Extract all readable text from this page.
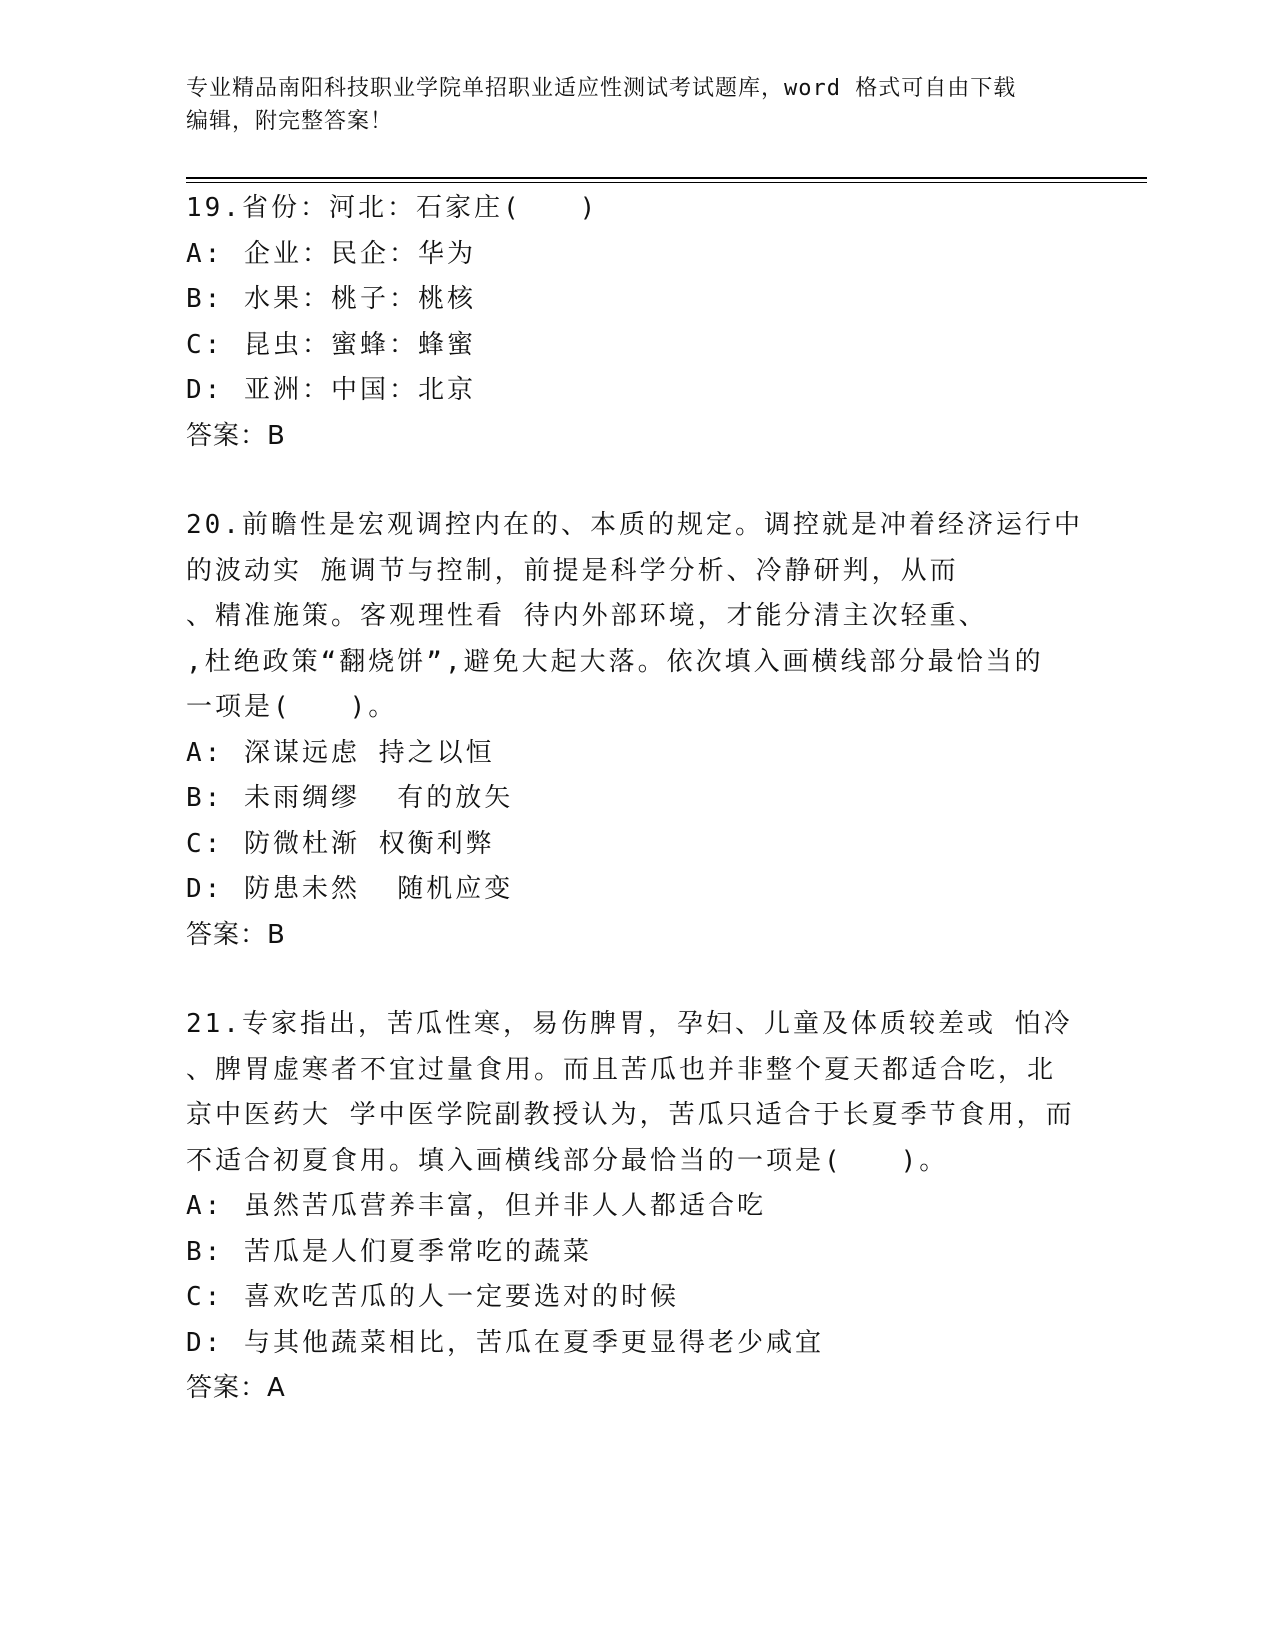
专业精品南阳科技职业学院单招职业适应性测试考试题库，word 格式可自由下载
编辑，附完整答案！
19.省份：河北：石家庄(　　)
A: 企业：民企：华为
B: 水果：桃子：桃核
C: 昆虫：蜜蜂：蜂蜜
D: 亚洲：中国：北京
答案：B
20.前瞻性是宏观调控内在的、本质的规定。调控就是冲着经济运行中
的波动实 施调节与控制，前提是科学分析、冷静研判，从而
、精准施策。客观理性看 待内外部环境，才能分清主次轻重、
,杜绝政策“翻烧饼”,避免大起大落。依次填入画横线部分最恰当的
一项是(　　)。
A: 深谋远虑 持之以恒
B: 未雨绸缪  有的放矢
C: 防微杜渐 权衡利弊
D: 防患未然  随机应变
答案：B
21.专家指出，苦瓜性寒，易伤脾胃，孕妇、儿童及体质较差或 怕冷
、脾胃虚寒者不宜过量食用。而且苦瓜也并非整个夏天都适合吃，北
京中医药大 学中医学院副教授认为，苦瓜只适合于长夏季节食用，而
不适合初夏食用。填入画横线部分最恰当的一项是(　　)。
A: 虽然苦瓜营养丰富，但并非人人都适合吃
B: 苦瓜是人们夏季常吃的蔬菜
C: 喜欢吃苦瓜的人一定要选对的时候
D: 与其他蔬菜相比，苦瓜在夏季更显得老少咸宜
答案：A
